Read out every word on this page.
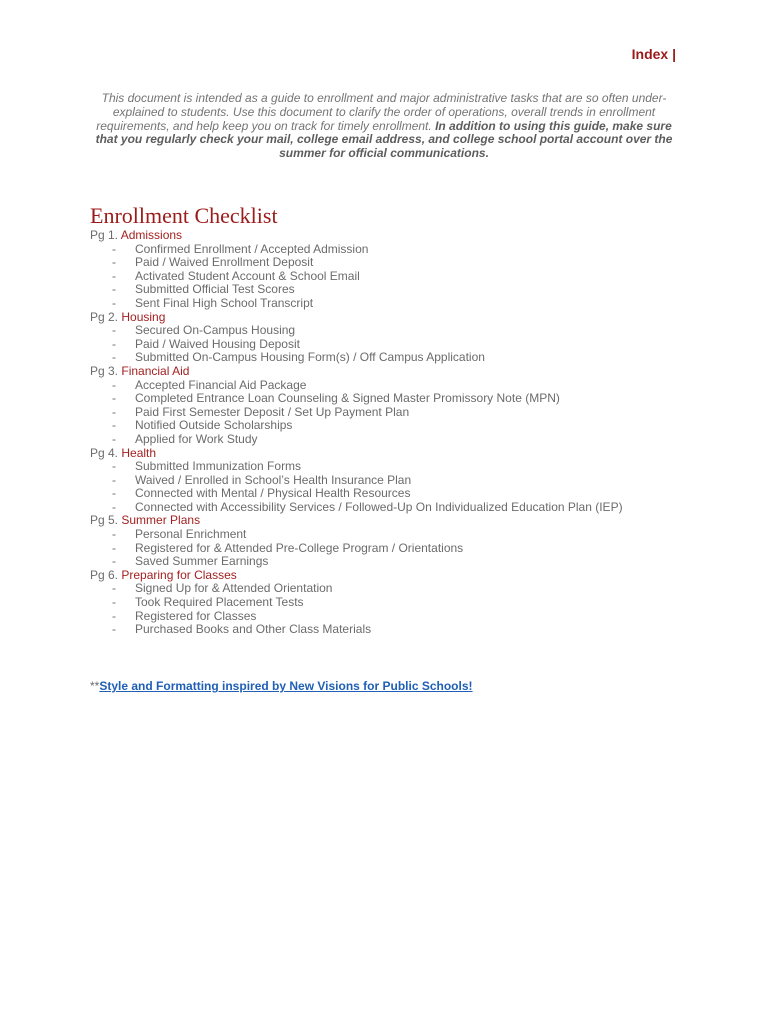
Index |
This document is intended as a guide to enrollment and major administrative tasks that are so often under-explained to students. Use this document to clarify the order of operations, overall trends in enrollment requirements, and help keep you on track for timely enrollment. In addition to using this guide, make sure that you regularly check your mail, college email address, and college school portal account over the summer for official communications.
Enrollment Checklist
Pg 1. Admissions
- Confirmed Enrollment / Accepted Admission
- Paid / Waived Enrollment Deposit
- Activated Student Account & School Email
- Submitted Official Test Scores
- Sent Final High School Transcript
Pg 2. Housing
- Secured On-Campus Housing
- Paid / Waived Housing Deposit
- Submitted On-Campus Housing Form(s) / Off Campus Application
Pg 3. Financial Aid
- Accepted Financial Aid Package
- Completed Entrance Loan Counseling & Signed Master Promissory Note (MPN)
- Paid First Semester Deposit / Set Up Payment Plan
- Notified Outside Scholarships
- Applied for Work Study
Pg 4. Health
- Submitted Immunization Forms
- Waived / Enrolled in School’s Health Insurance Plan
- Connected with Mental / Physical Health Resources
- Connected with Accessibility Services / Followed-Up On Individualized Education Plan (IEP)
Pg 5. Summer Plans
- Personal Enrichment
- Registered for & Attended Pre-College Program / Orientations
- Saved Summer Earnings
Pg 6. Preparing for Classes
- Signed Up for & Attended Orientation
- Took Required Placement Tests
- Registered for Classes
- Purchased Books and Other Class Materials
**Style and Formatting inspired by New Visions for Public Schools!
